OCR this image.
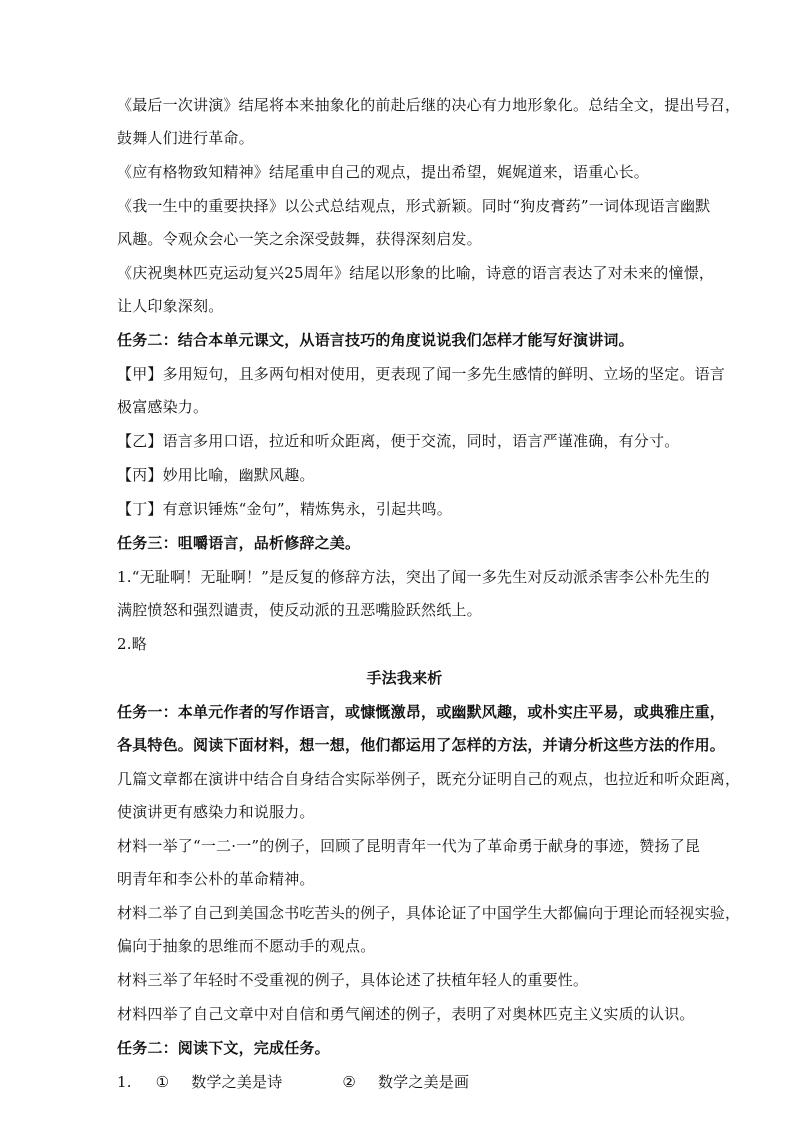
《最后一次讲演》结尾将本来抽象化的前赴后继的决心有力地形象化。总结全文，提出号召，

鼓舞人们进行革命。

《应有格物致知精神》结尾重申自己的观点，提出希望，娓娓道来，语重心长。

《我一生中的重要抉择》以公式总结观点，形式新颖。同时“狗皮膏药”一词体现语言幽默

风趣。令观众会心一笑之余深受鼓舞，获得深刻启发。

《庆祝奥林匹克运动复兴25周年》结尾以形象的比喻，诗意的语言表达了对未来的憧憬，

让人印象深刻。

任务二：结合本单元课文，从语言技巧的角度说说我们怎样才能写好演讲词。

【甲】多用短句，且多两句相对使用，更表现了闻一多先生感情的鲜明、立场的坚定。语言

极富感染力。

【乙】语言多用口语，拉近和听众距离，便于交流，同时，语言严谨准确，有分寸。

【丙】妙用比喻，幽默风趣。

【丁】有意识锤炼“金句”，精炼隽永，引起共鸣。

任务三：咀嚼语言，品析修辞之美。

1.“无耻啊！无耻啊！”是反复的修辞方法，突出了闻一多先生对反动派杀害李公朴先生的

满腔愤怒和强烈谴责，使反动派的丑恶嘴脸跃然纸上。

2.略

手法我来析

任务一：本单元作者的写作语言，或慷慨激昂，或幽默风趣，或朴实庄平易，或典雅庄重，

各具特色。阅读下面材料，想一想，他们都运用了怎样的方法，并请分析这些方法的作用。

几篇文章都在演讲中结合自身结合实际举例子，既充分证明自己的观点，也拉近和听众距离，

使演讲更有感染力和说服力。

材料一举了“一二·一”的例子，回顾了昆明青年一代为了革命勇于献身的事迹，赞扬了昆

明青年和李公朴的革命精神。

材料二举了自己到美国念书吃苦头的例子，具体论证了中国学生大都偏向于理论而轻视实验，

偏向于抽象的思维而不愿动手的观点。

材料三举了年轻时不受重视的例子，具体论述了扶植年轻人的重要性。

材料四举了自己文章中对自信和勇气阐述的例子，表明了对奥林匹克主义实质的认识。

任务二：阅读下文，完成任务。

1. ① 数学之美是诗	② 数学之美是画
